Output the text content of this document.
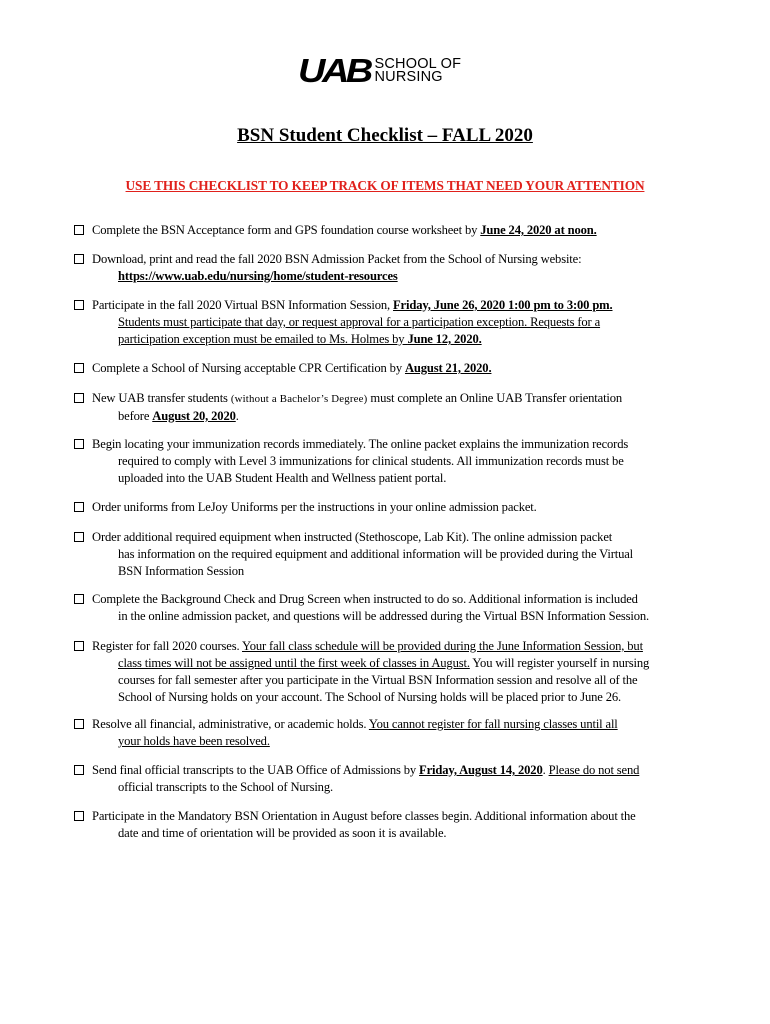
UAB SCHOOL OF
NURSING
BSN Student Checklist – FALL 2020
USE THIS CHECKLIST TO KEEP TRACK OF ITEMS THAT NEED YOUR ATTENTION
Complete the BSN Acceptance form and GPS foundation course worksheet by June 24, 2020 at noon.
Download, print and read the fall 2020 BSN Admission Packet from the School of Nursing website:
https://www.uab.edu/nursing/home/student-resources
Participate in the fall 2020 Virtual BSN Information Session, Friday, June 26, 2020 1:00 pm to 3:00 pm.
Students must participate that day, or request approval for a participation exception. Requests for a
participation exception must be emailed to Ms. Holmes by June 12, 2020.
Complete a School of Nursing acceptable CPR Certification by August 21, 2020.
New UAB transfer students (without a Bachelor’s Degree) must complete an Online UAB Transfer orientation
before August 20, 2020.
Begin locating your immunization records immediately. The online packet explains the immunization records
required to comply with Level 3 immunizations for clinical students. All immunization records must be
uploaded into the UAB Student Health and Wellness patient portal.
Order uniforms from LeJoy Uniforms per the instructions in your online admission packet.
Order additional required equipment when instructed (Stethoscope, Lab Kit). The online admission packet
has information on the required equipment and additional information will be provided during the Virtual
BSN Information Session
Complete the Background Check and Drug Screen when instructed to do so. Additional information is included
in the online admission packet, and questions will be addressed during the Virtual BSN Information Session.
Register for fall 2020 courses. Your fall class schedule will be provided during the June Information Session, but
class times will not be assigned until the first week of classes in August. You will register yourself in nursing
courses for fall semester after you participate in the Virtual BSN Information session and resolve all of the
School of Nursing holds on your account. The School of Nursing holds will be placed prior to June 26.
Resolve all financial, administrative, or academic holds. You cannot register for fall nursing classes until all
your holds have been resolved.
Send final official transcripts to the UAB Office of Admissions by Friday, August 14, 2020. Please do not send
official transcripts to the School of Nursing.
Participate in the Mandatory BSN Orientation in August before classes begin. Additional information about the
date and time of orientation will be provided as soon it is available.
